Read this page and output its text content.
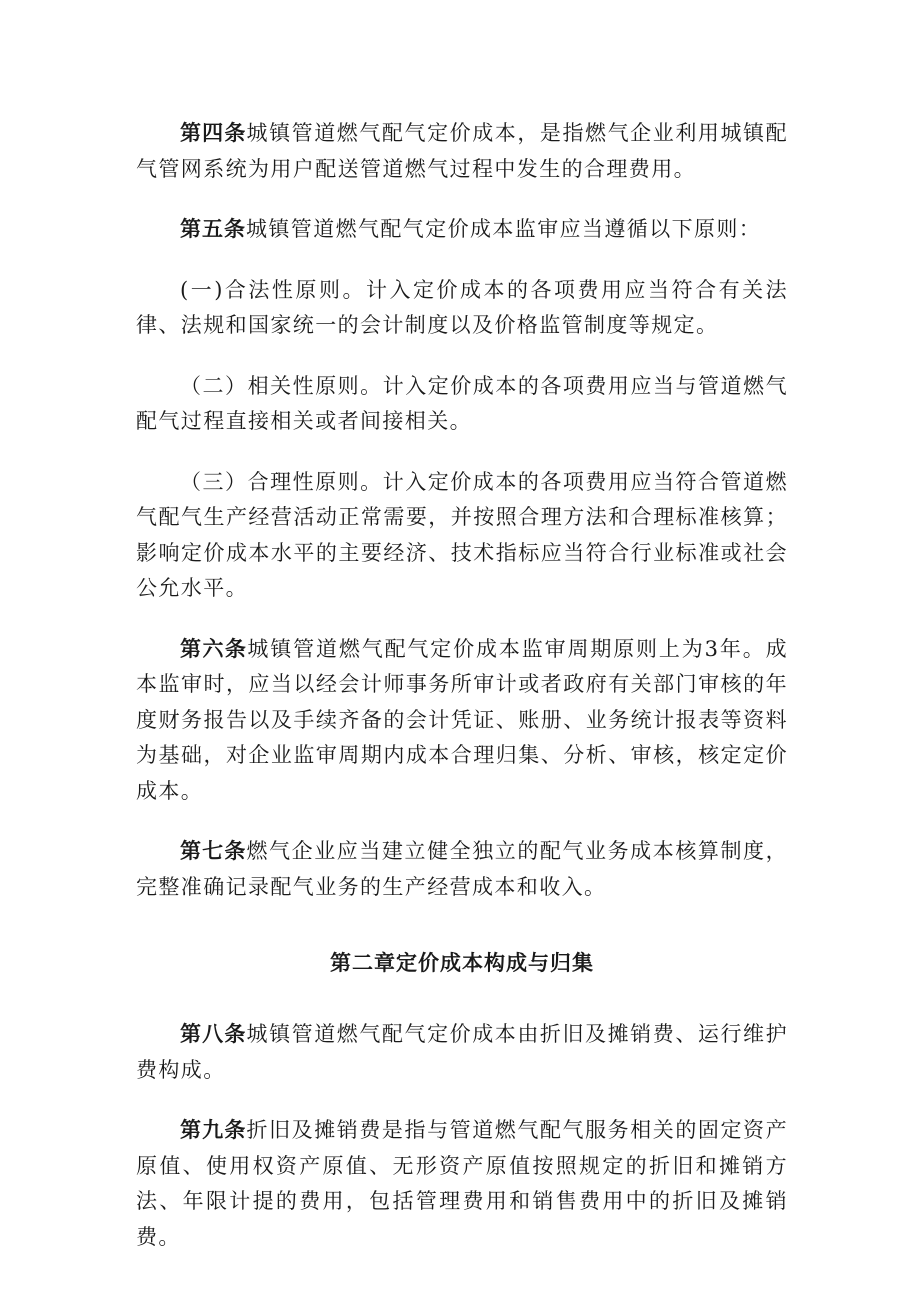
第四条城镇管道燃气配气定价成本，是指燃气企业利用城镇配气管网系统为用户配送管道燃气过程中发生的合理费用。

第五条城镇管道燃气配气定价成本监审应当遵循以下原则：

(一)合法性原则。计入定价成本的各项费用应当符合有关法律、法规和国家统一的会计制度以及价格监管制度等规定。

（二）相关性原则。计入定价成本的各项费用应当与管道燃气配气过程直接相关或者间接相关。

（三）合理性原则。计入定价成本的各项费用应当符合管道燃气配气生产经营活动正常需要，并按照合理方法和合理标准核算；影响定价成本水平的主要经济、技术指标应当符合行业标准或社会公允水平。

第六条城镇管道燃气配气定价成本监审周期原则上为3年。成本监审时，应当以经会计师事务所审计或者政府有关部门审核的年度财务报告以及手续齐备的会计凭证、账册、业务统计报表等资料为基础，对企业监审周期内成本合理归集、分析、审核，核定定价成本。

第七条燃气企业应当建立健全独立的配气业务成本核算制度，完整准确记录配气业务的生产经营成本和收入。

第二章定价成本构成与归集

第八条城镇管道燃气配气定价成本由折旧及摊销费、运行维护费构成。

第九条折旧及摊销费是指与管道燃气配气服务相关的固定资产原值、使用权资产原值、无形资产原值按照规定的折旧和摊销方法、年限计提的费用，包括管理费用和销售费用中的折旧及摊销费。
